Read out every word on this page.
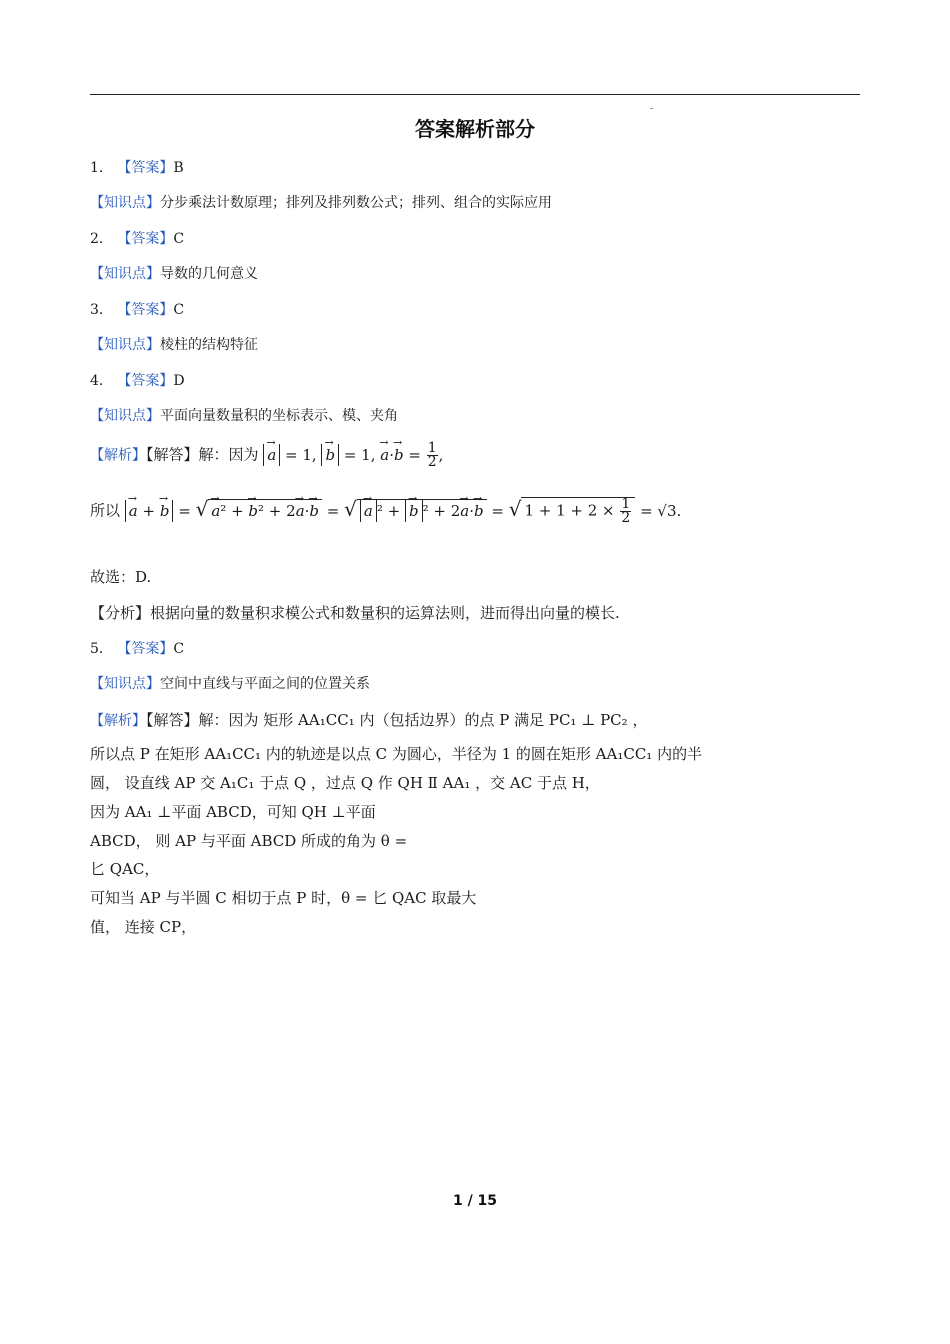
答案解析部分
1． 【答案】B
【知识点】分步乘法计数原理；排列及排列数公式；排列、组合的实际应用
2． 【答案】C
【知识点】导数的几何意义
3． 【答案】C
【知识点】棱柱的结构特征
4． 【答案】D
【知识点】平面向量数量积的坐标表示、模、夹角
【解析】【解答】解：因为 → a = 1, → b = 1, → $a\cdot\to b = \frac{1}{2}$ ,
所以 → a + → b = √ → a² + → b² + 2→ a·→ b = √ → a ² + → b ² + 2→ a·→ b = √ $1 + 1 + 2 \times \frac{1}{2} = √3$.
故选：D.
【分析】根据向量的数量积求模公式和数量积的运算法则，进而得出向量的模长.
5． 【答案】C
【知识点】空间中直线与平面之间的位置关系
【解析】【解答】解：因为 矩形 AA₁CC₁ 内（包括边界）的点 P 满足 PC₁ ⊥ PC₂ ，
所以点 P 在矩形 AA₁CC₁ 内的轨迹是以点 C 为圆心，半径为 1 的圆在矩形 AA₁CC₁ 内的半
圆， 设直线 AP 交 A₁C₁ 于点 Q ，过点 Q 作 QH Ⅱ AA₁ ，交 AC 于点 H，
因为 AA₁ ⊥平面 ABCD，可知 QH ⊥平面
ABCD， 则 AP 与平面 ABCD 所成的角为 θ =
匕 QAC，
可知当 AP 与半圆 C 相切于点 P 时，θ = 匕 QAC 取最大
值， 连接 CP，
1 / 15
